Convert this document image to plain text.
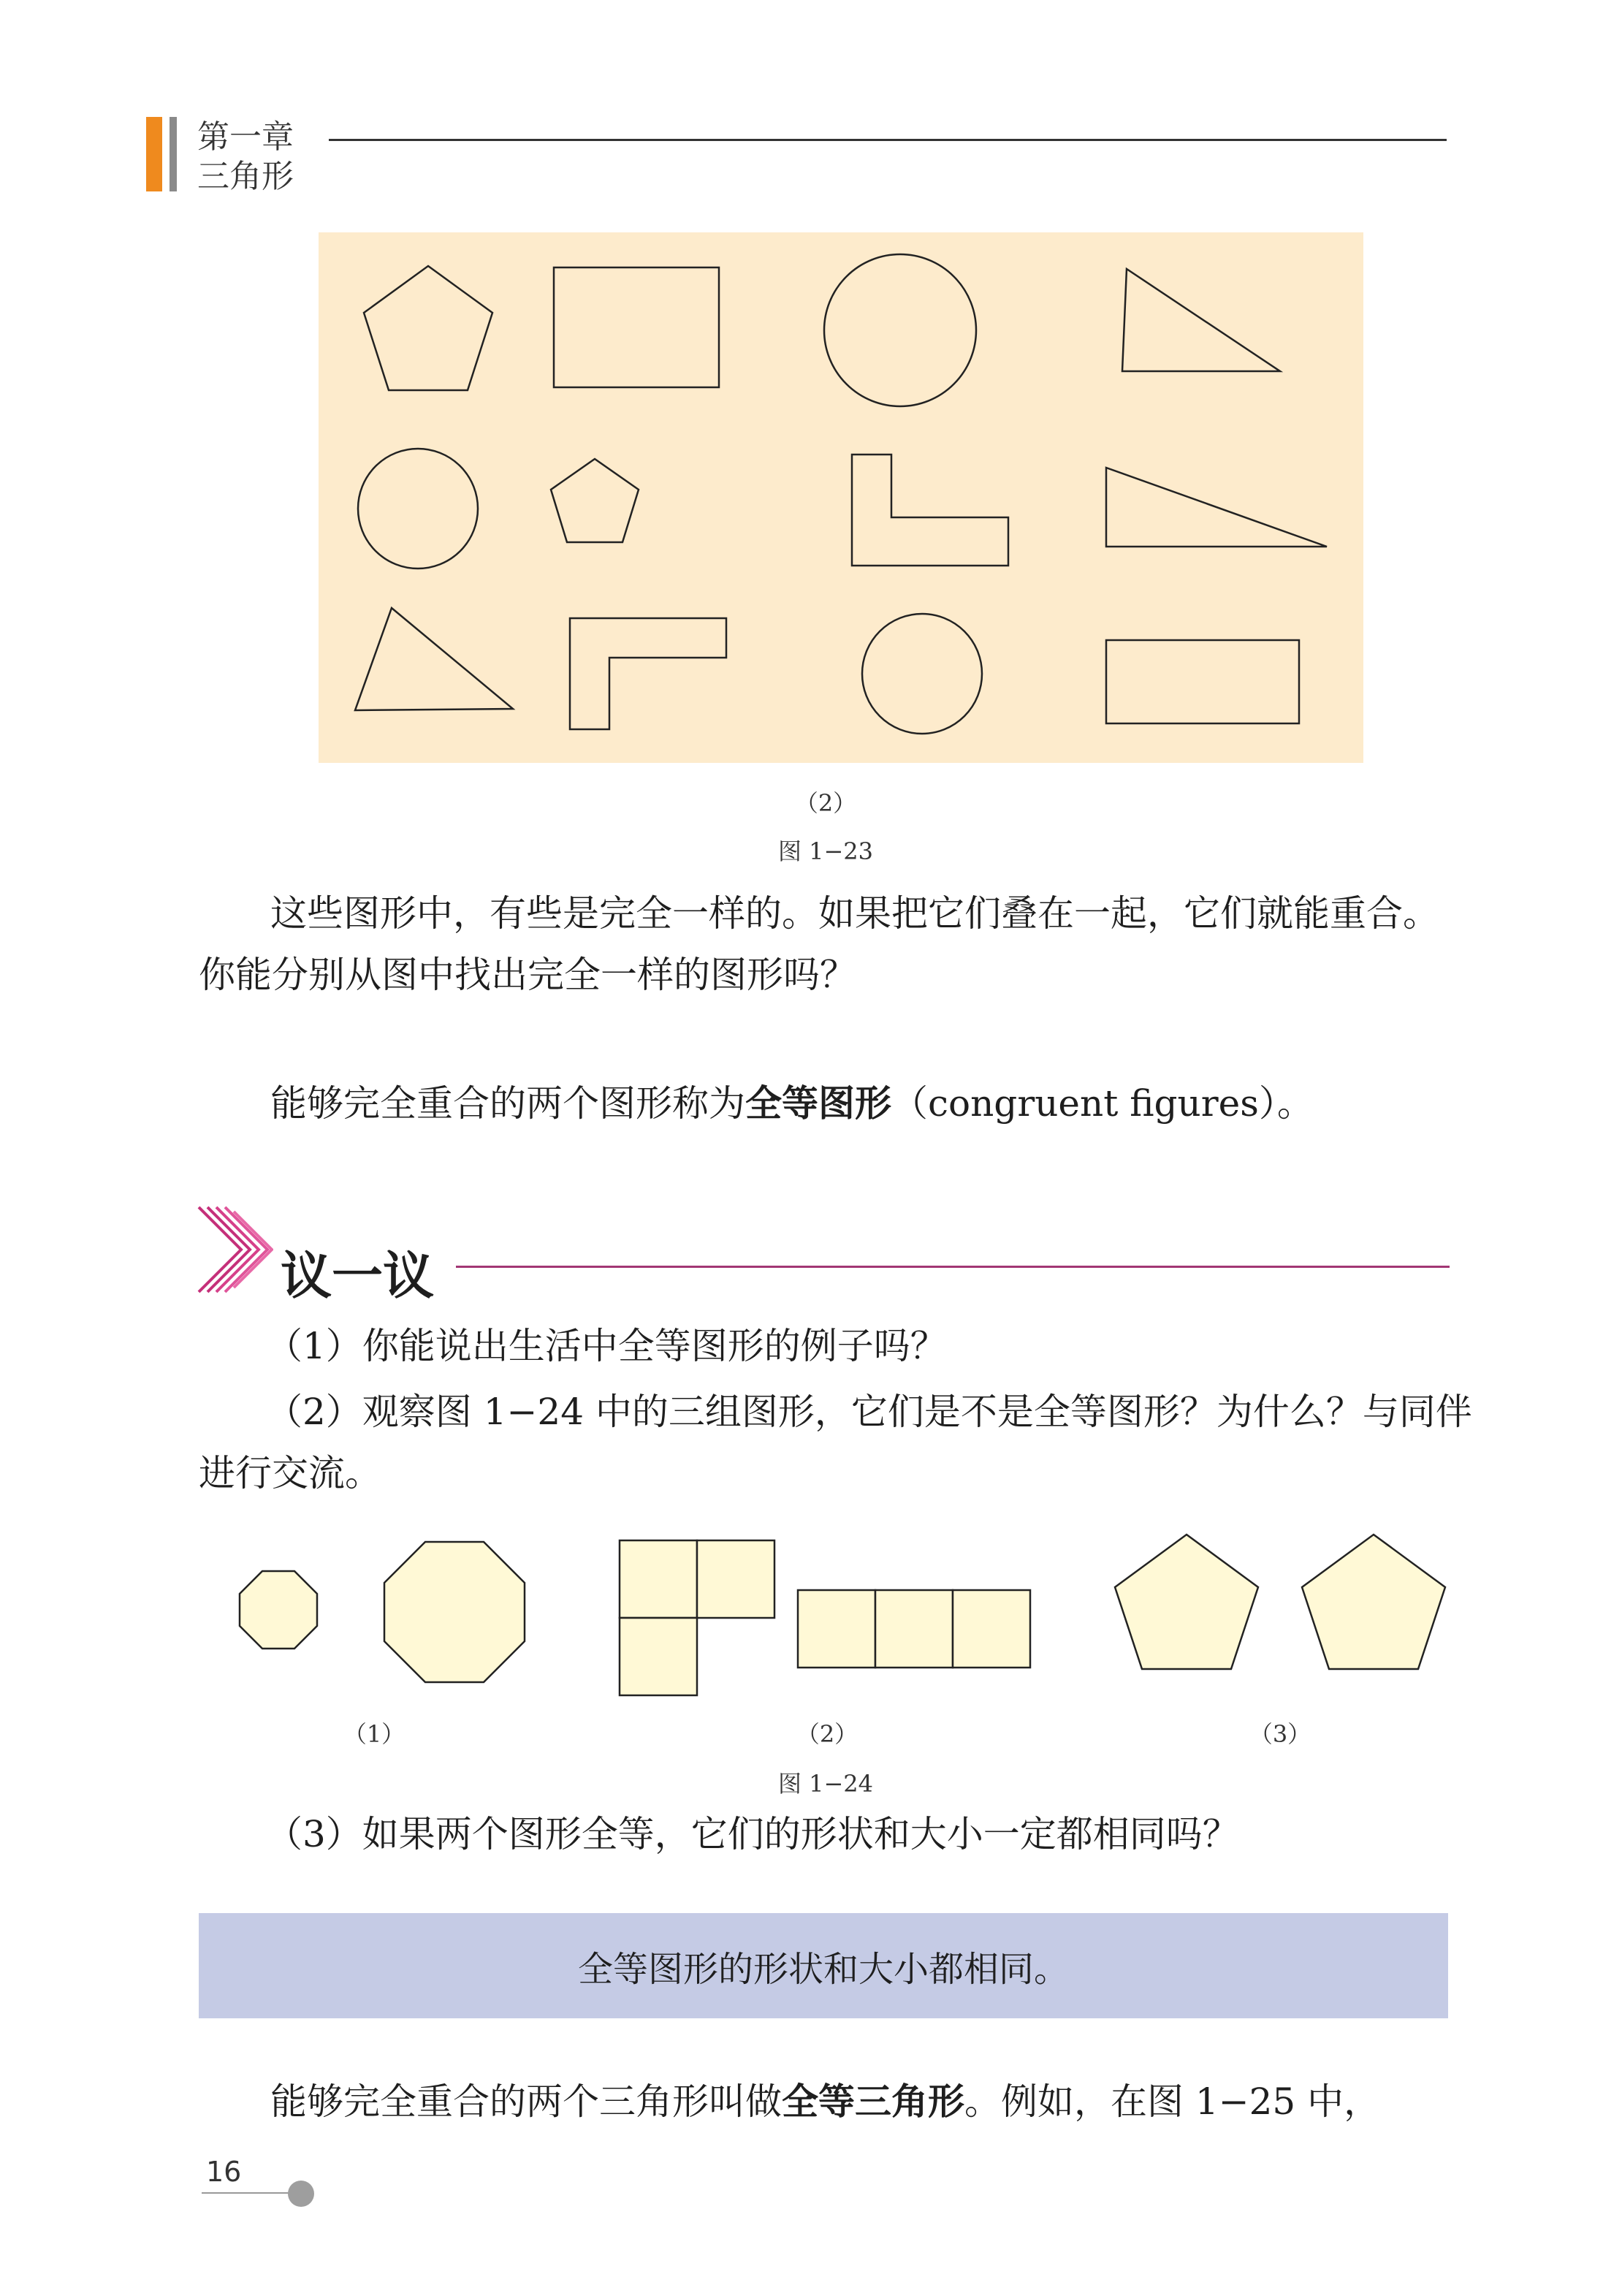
第一章
三角形
（2）
图 1−23
这些图形中，有些是完全一样的。如果把它们叠在一起，它们就能重合。
你能分别从图中找出完全一样的图形吗？
能够完全重合的两个图形称为全等图形（congruent figures）。
议一议
（1）你能说出生活中全等图形的例子吗？
（2）观察图 1−24 中的三组图形，它们是不是全等图形？为什么？与同伴
进行交流。
（1）	（2）	（3）
图 1−24
（3）如果两个图形全等，它们的形状和大小一定都相同吗？
全等图形的形状和大小都相同。
能够完全重合的两个三角形叫做全等三角形。例如，在图 1−25 中，
16
